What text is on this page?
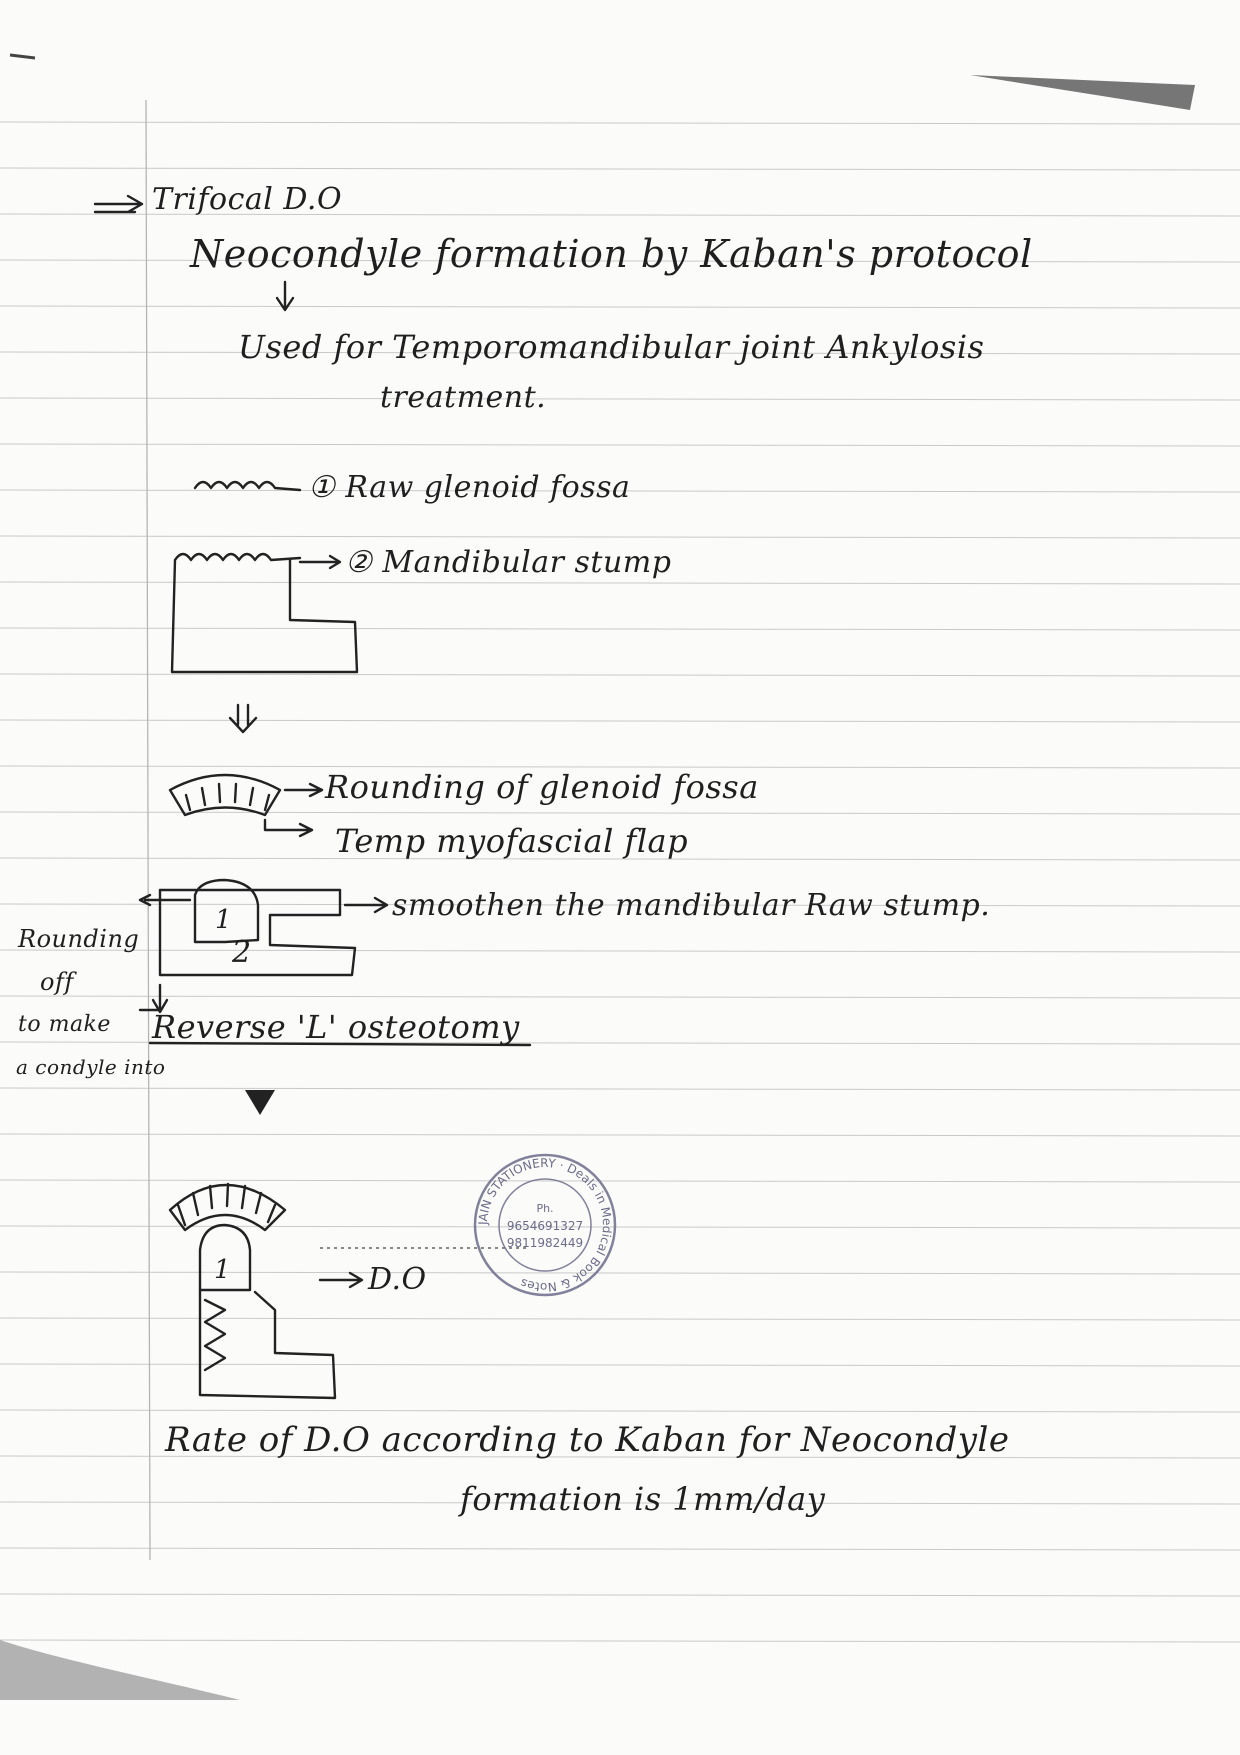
Trifocal D.O
Neocondyle formation by Kaban's protocol
Used for Temporomandibular joint Ankylosis
treatment.
① Raw glenoid fossa
② Mandibular stump
Rounding of glenoid fossa
Temp myofascial flap
smoothen the mandibular Raw stump.
1
2
Rounding
off
to make
a condyle into
Reverse 'L' osteotomy
1	D.O
Rate of D.O according to Kaban for Neocondyle
formation is 1mm/day
JAIN STATIONERY · Deals in Medical Book & Notes
Ph.
9654691327
9811982449
